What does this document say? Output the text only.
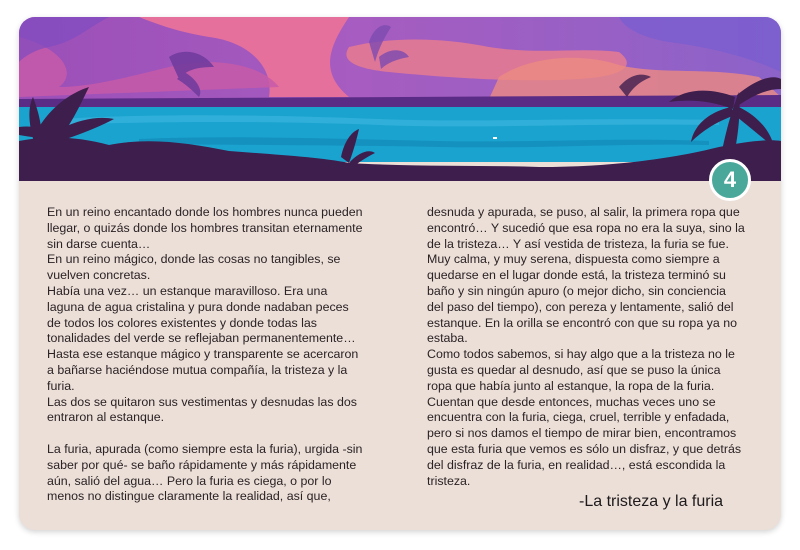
4

En un reino encantado donde los hombres nunca pueden llegar, o quizás donde los hombres transitan eternamente sin darse cuenta…

En un reino mágico, donde las cosas no tangibles, se vuelven concretas.

Había una vez… un estanque maravilloso. Era una laguna de agua cristalina y pura donde nadaban peces de todos los colores existentes y donde todas las tonalidades del verde se reflejaban permanentemente…

Hasta ese estanque mágico y transparente se acercaron a bañarse haciéndose mutua compañía, la tristeza y la furia.

Las dos se quitaron sus vestimentas y desnudas las dos entraron al estanque.

La furia, apurada (como siempre esta la furia), urgida -sin saber por qué- se baño rápidamente y más rápidamente aún, salió del agua… Pero la furia es ciega, o por lo menos no distingue claramente la realidad, así que,

desnuda y apurada, se puso, al salir, la primera ropa que encontró… Y sucedió que esa ropa no era la suya, sino la de la tristeza… Y así vestida de tristeza, la furia se fue.

Muy calma, y muy serena, dispuesta como siempre a quedarse en el lugar donde está, la tristeza terminó su baño y sin ningún apuro (o mejor dicho, sin conciencia del paso del tiempo), con pereza y lentamente, salió del estanque. En la orilla se encontró con que su ropa ya no estaba.

Como todos sabemos, si hay algo que a la tristeza no le gusta es quedar al desnudo, así que se puso la única ropa que había junto al estanque, la ropa de la furia.

Cuentan que desde entonces, muchas veces uno se encuentra con la furia, ciega, cruel, terrible y enfadada, pero si nos damos el tiempo de mirar bien, encontramos que esta furia que vemos es sólo un disfraz, y que detrás del disfraz de la furia, en realidad…, está escondida la tristeza.

-La tristeza y la furia
